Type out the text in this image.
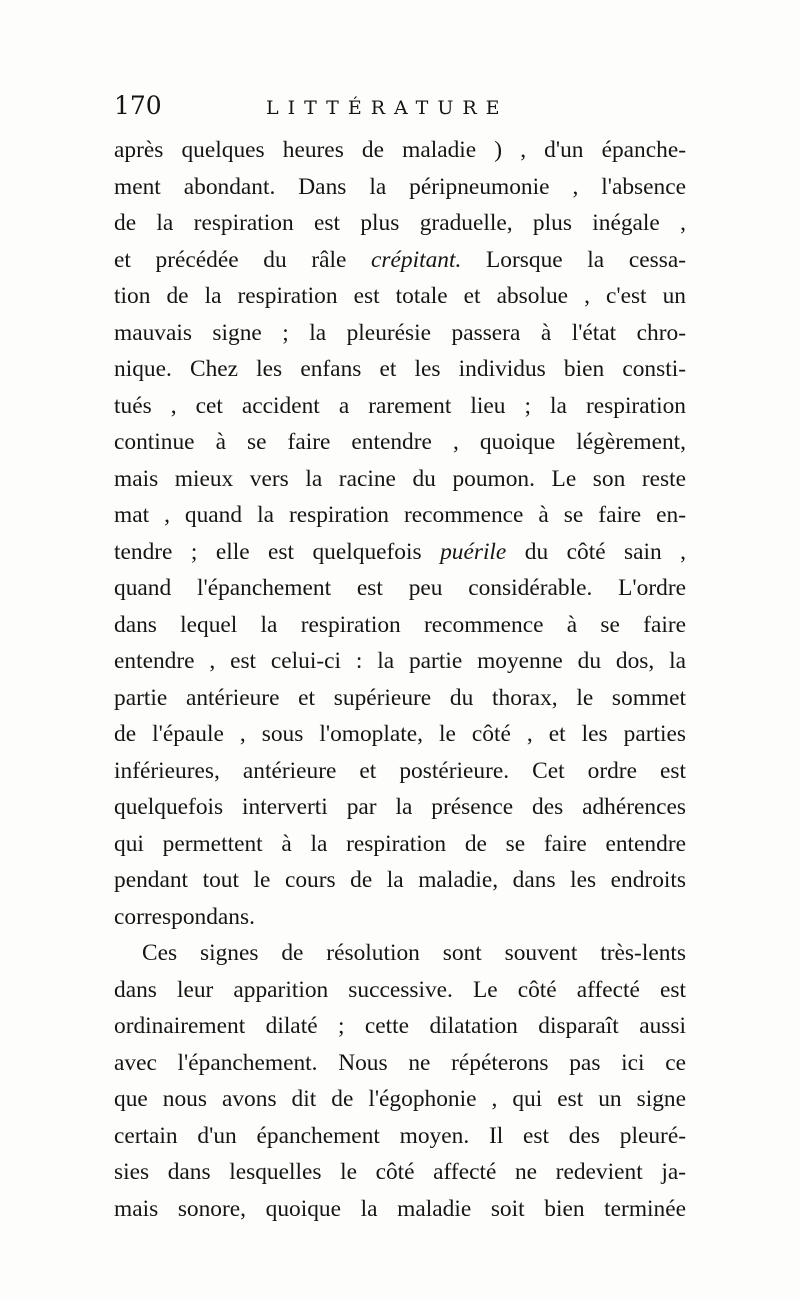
170	LITTÉRATURE
après quelques heures de maladie ) , d'un épanche-
ment abondant. Dans la péripneumonie , l'absence
de la respiration est plus graduelle, plus inégale ,
et précédée du râle crépitant. Lorsque la cessa-
tion de la respiration est totale et absolue , c'est un
mauvais signe ; la pleurésie passera à l'état chro-
nique. Chez les enfans et les individus bien consti-
tués , cet accident a rarement lieu ; la respiration
continue à se faire entendre , quoique légèrement,
mais mieux vers la racine du poumon. Le son reste
mat , quand la respiration recommence à se faire en-
tendre ; elle est quelquefois puérile du côté sain ,
quand l'épanchement est peu considérable. L'ordre
dans lequel la respiration recommence à se faire
entendre , est celui-ci : la partie moyenne du dos, la
partie antérieure et supérieure du thorax, le sommet
de l'épaule , sous l'omoplate, le côté , et les parties
inférieures, antérieure et postérieure. Cet ordre est
quelquefois interverti par la présence des adhérences
qui permettent à la respiration de se faire entendre
pendant tout le cours de la maladie, dans les endroits
correspondans.
Ces signes de résolution sont souvent très-lents
dans leur apparition successive. Le côté affecté est
ordinairement dilaté ; cette dilatation disparaît aussi
avec l'épanchement. Nous ne répéterons pas ici ce
que nous avons dit de l'égophonie , qui est un signe
certain d'un épanchement moyen. Il est des pleuré-
sies dans lesquelles le côté affecté ne redevient ja-
mais sonore, quoique la maladie soit bien terminée
